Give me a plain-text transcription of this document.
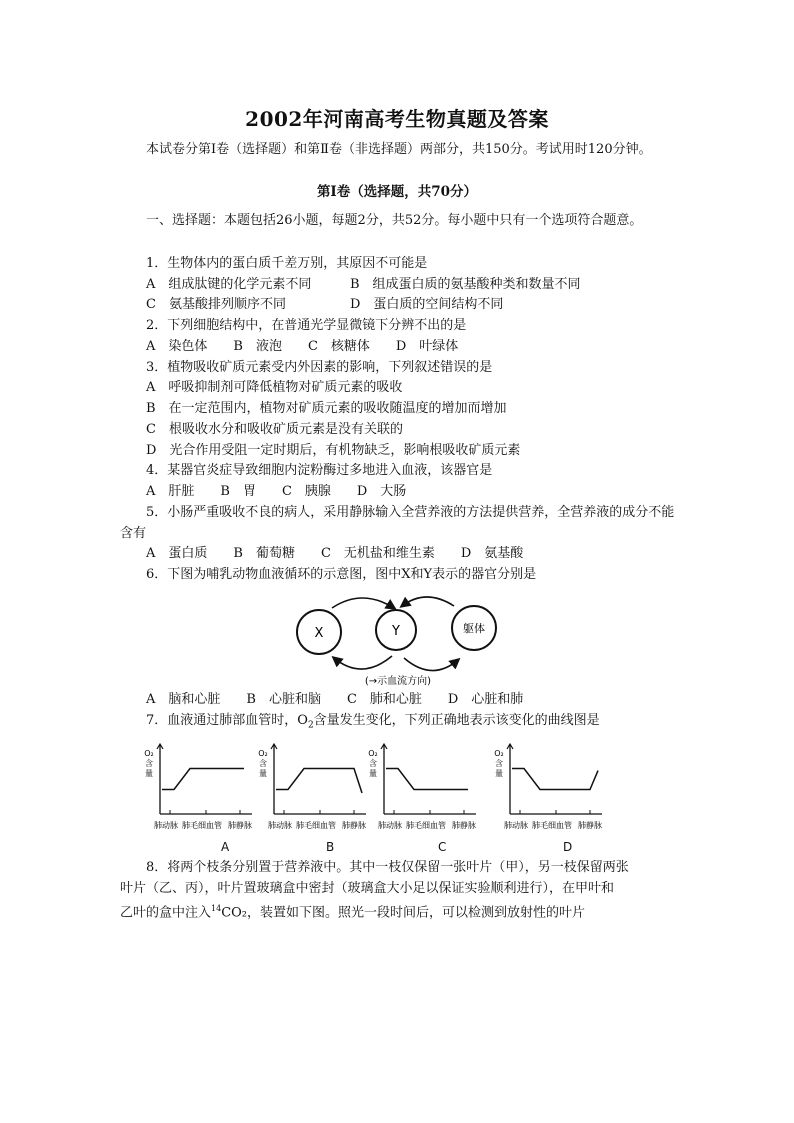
2002年河南高考生物真题及答案
本试卷分第Ⅰ卷（选择题）和第Ⅱ卷（非选择题）两部分，共150分。考试用时120分钟。
第Ⅰ卷（选择题，共70分）
一、选择题：本题包括26小题，每题2分，共52分。每小题中只有一个选项符合题意。
1．生物体内的蛋白质千差万别，其原因不可能是
A　组成肽键的化学元素不同	B　组成蛋白质的氨基酸种类和数量不同
C　氨基酸排列顺序不同	D　蛋白质的空间结构不同
2．下列细胞结构中，在普通光学显微镜下分辨不出的是
A　染色体　　B　液泡　　C　核糖体　　D　叶绿体
3．植物吸收矿质元素受内外因素的影响，下列叙述错误的是
A　呼吸抑制剂可降低植物对矿质元素的吸收
B　在一定范围内，植物对矿质元素的吸收随温度的增加而增加
C　根吸收水分和吸收矿质元素是没有关联的
D　光合作用受阻一定时期后，有机物缺乏，影响根吸收矿质元素
4．某器官炎症导致细胞内淀粉酶过多地进入血液，该器官是
A　肝脏　　B　胃　　C　胰腺　　D　大肠
5．小肠严重吸收不良的病人，采用静脉输入全营养液的方法提供营养，全营养液的成分不能含有
A　蛋白质　　B　葡萄糖　　C　无机盐和维生素　　D　氨基酸
6．下图为哺乳动物血液循环的示意图，图中X和Y表示的器官分别是
X	Y	躯体
(→示血流方向)
A　脑和心脏　　B　心脏和脑　　C　肺和心脏　　D　心脏和肺
7．血液通过肺部血管时，$O_2$含量发生变化，下列正确地表示该变化的曲线图是
O₂
含
量
肺动脉 肺毛细血管 肺静脉
O₂
含
量
肺动脉 肺毛细血管 肺静脉
O₂
含
量
肺动脉 肺毛细血管 肺静脉
O₂
含
量
肺动脉 肺毛细血管 肺静脉
A	B	C	D
8．将两个枝条分别置于营养液中。其中一枝仅保留一张叶片（甲），另一枝保留两张
叶片（乙、丙），叶片置玻璃盒中密封（玻璃盒大小足以保证实验顺利进行），在甲叶和
乙叶的盒中注入$^{14}$CO₂，装置如下图。照光一段时间后，可以检测到放射性的叶片
